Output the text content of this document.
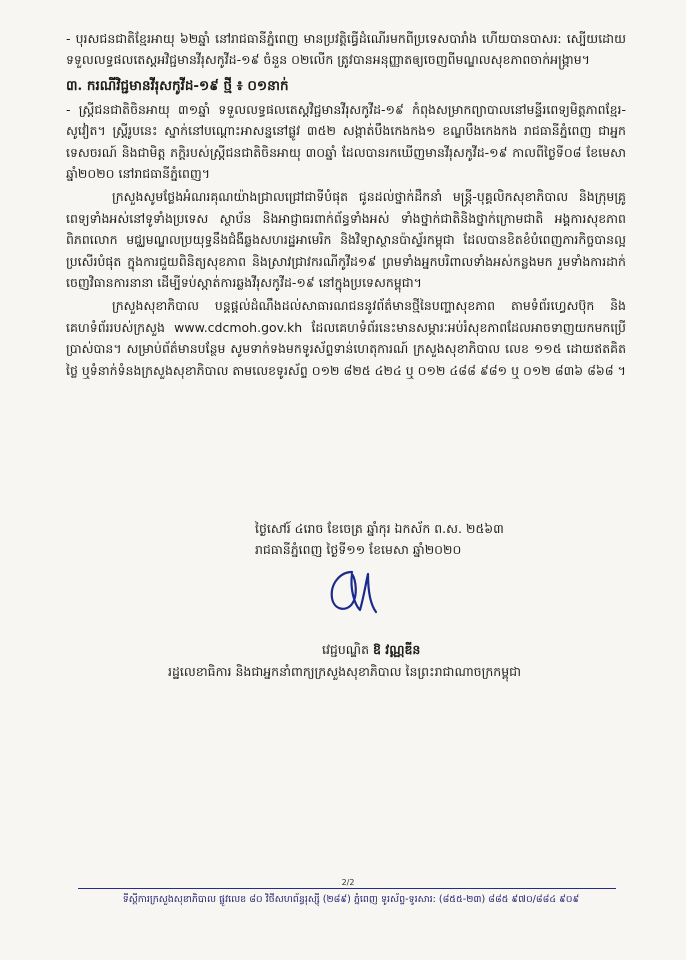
- បុរសជនជាតិខ្មែរអាយុ ៦២ឆ្នាំ នៅរាជធានីភ្នំពេញ មានប្រវត្តិធ្វើដំណើរមកពីប្រទេសបារាំង ហើយបានបាសរ: ស្បើយដោយទទួលលទ្ធផលតេស្តអវិជ្ជមានវីរុសកូវីដ-១៩ ចំនួន ០២លើក ត្រូវបានអនុញ្ញាតឲ្យចេញពីមណ្ឌលសុខភាពចាក់អង្ក្រាម។

៣. ករណីវិជ្ជមានវីរុសកូវីដ-១៩ ថ្មី ៖ ០១នាក់

- ស្ត្រីជនជាតិចិនអាយុ ៣១ឆ្នាំ ទទួលលទ្ធផលតេស្តវិជ្ជមានវីរុសកូវីដ-១៩ កំពុងសម្រាកព្យាបាលនៅមន្ទីរពេទ្យមិត្តភាពខ្មែរ-សូវៀត។ ស្ត្រីរូបនេះ ស្នាក់នៅបណ្តោះអាសន្ននៅផ្លូវ ៣៥២ សង្កាត់បឹងកេងកង១ ខណ្ឌបឹងកេងកង រាជធានីភ្នំពេញ ជាអ្នកទេសចរណ៍ និងជាមិត្ត ភក្តិរបស់ស្ត្រីជនជាតិចិនអាយុ ៣០ឆ្នាំ ដែលបានរកឃើញមានវីរុសកូវីដ-១៩ កាលពីថ្ងៃទី០៨ ខែមេសា ឆ្នាំ២០២០ នៅរាជធានីភ្នំពេញ។

ក្រសួងសូមថ្លែងអំណរគុណយ៉ាងជ្រាលជ្រៅជាទីបំផុត ជូនដល់ថ្នាក់ដឹកនាំ មន្ត្រី-បុគ្គលិកសុខាភិបាល និងក្រុមគ្រូពេទ្យទាំងអស់នៅទូទាំងប្រទេស ស្ថាប័ន និងអាជ្ញាធរពាក់ព័ន្ធទាំងអស់ ទាំងថ្នាក់ជាតិនិងថ្នាក់ក្រោមជាតិ អង្គការសុខភាពពិភពលោក មជ្ឈមណ្ឌលប្រយុទ្ធនឹងជំងឺឆ្លងសហរដ្ឋអាមេរិក និងវិទ្យាស្ថានប៉ាស្ទ័រកម្ពុជា ដែលបានខិតខំបំពេញភារកិច្ចបានល្អប្រសើរបំផុត ក្នុងការជួយពិនិត្យសុខភាព និងស្រាវជ្រាវករណីកូវីដ១៩ ព្រមទាំងអ្នកបរិពាលទាំងអស់កន្លងមក រួមទាំងការដាក់ចេញវិធានការនានា ដើម្បីទប់ស្កាត់ការឆ្លងវីរុសកូវីដ-១៩ នៅក្នុងប្រទេសកម្ពុជា។

ក្រសួងសុខាភិបាល បន្តផ្តល់ដំណឹងដល់សាធារណជននូវព័ត៌មានថ្មីនៃបញ្ហាសុខភាព តាមទំព័រហ្វេសប៊ុក និងគេហទំព័ររបស់ក្រសួង www.cdcmoh.gov.kh ដែលគេហទំព័រនេះមានសម្ភារៈអប់រំសុខភាពដែលអាចទាញយកមកប្រើប្រាស់បាន។ សម្រាប់ព័ត៌មានបន្ថែម សូមទាក់ទងមកទូរស័ព្ទទាន់ហេតុការណ៍ ក្រសួងសុខាភិបាល លេខ ១១៥ ដោយឥតគិតថ្លៃ ឬទំនាក់ទំនងក្រសួងសុខាភិបាល តាមលេខទូរស័ព្ទ ០១២ ៨២៥ ៤២៤ ឬ ០១២ ៤៨៨ ៩៨១ ឬ ០១២ ៨៣៦ ៨៦៨ ។

ថ្ងៃសៅរ៍ ៤រោច ខែចេត្រ ឆ្នាំកុរ ឯកស័ក ព.ស. ២៥៦៣
រាជធានីភ្នំពេញ ថ្ងៃទី១១ ខែមេសា ឆ្នាំ២០២០
វេជ្ជបណ្ឌិត ឱ វណ្ណឌីន
រដ្ឋលេខាធិការ និងជាអ្នកនាំពាក្យក្រសួងសុខាភិបាល នៃព្រះរាជាណាចក្រកម្ពុជា
2/2
ទីស្តីការក្រសួងសុខាភិបាល ផ្លូវលេខ ៨០ វិថីសហព័ន្ធរុស្ស៊ី (២៨៩) ភ្នំពេញ ទូរស័ព្ទ-ទូរសារ: (៨៥៥-២៣) ៨៨៥ ៩៧០/៨៨៤ ៩០៩
